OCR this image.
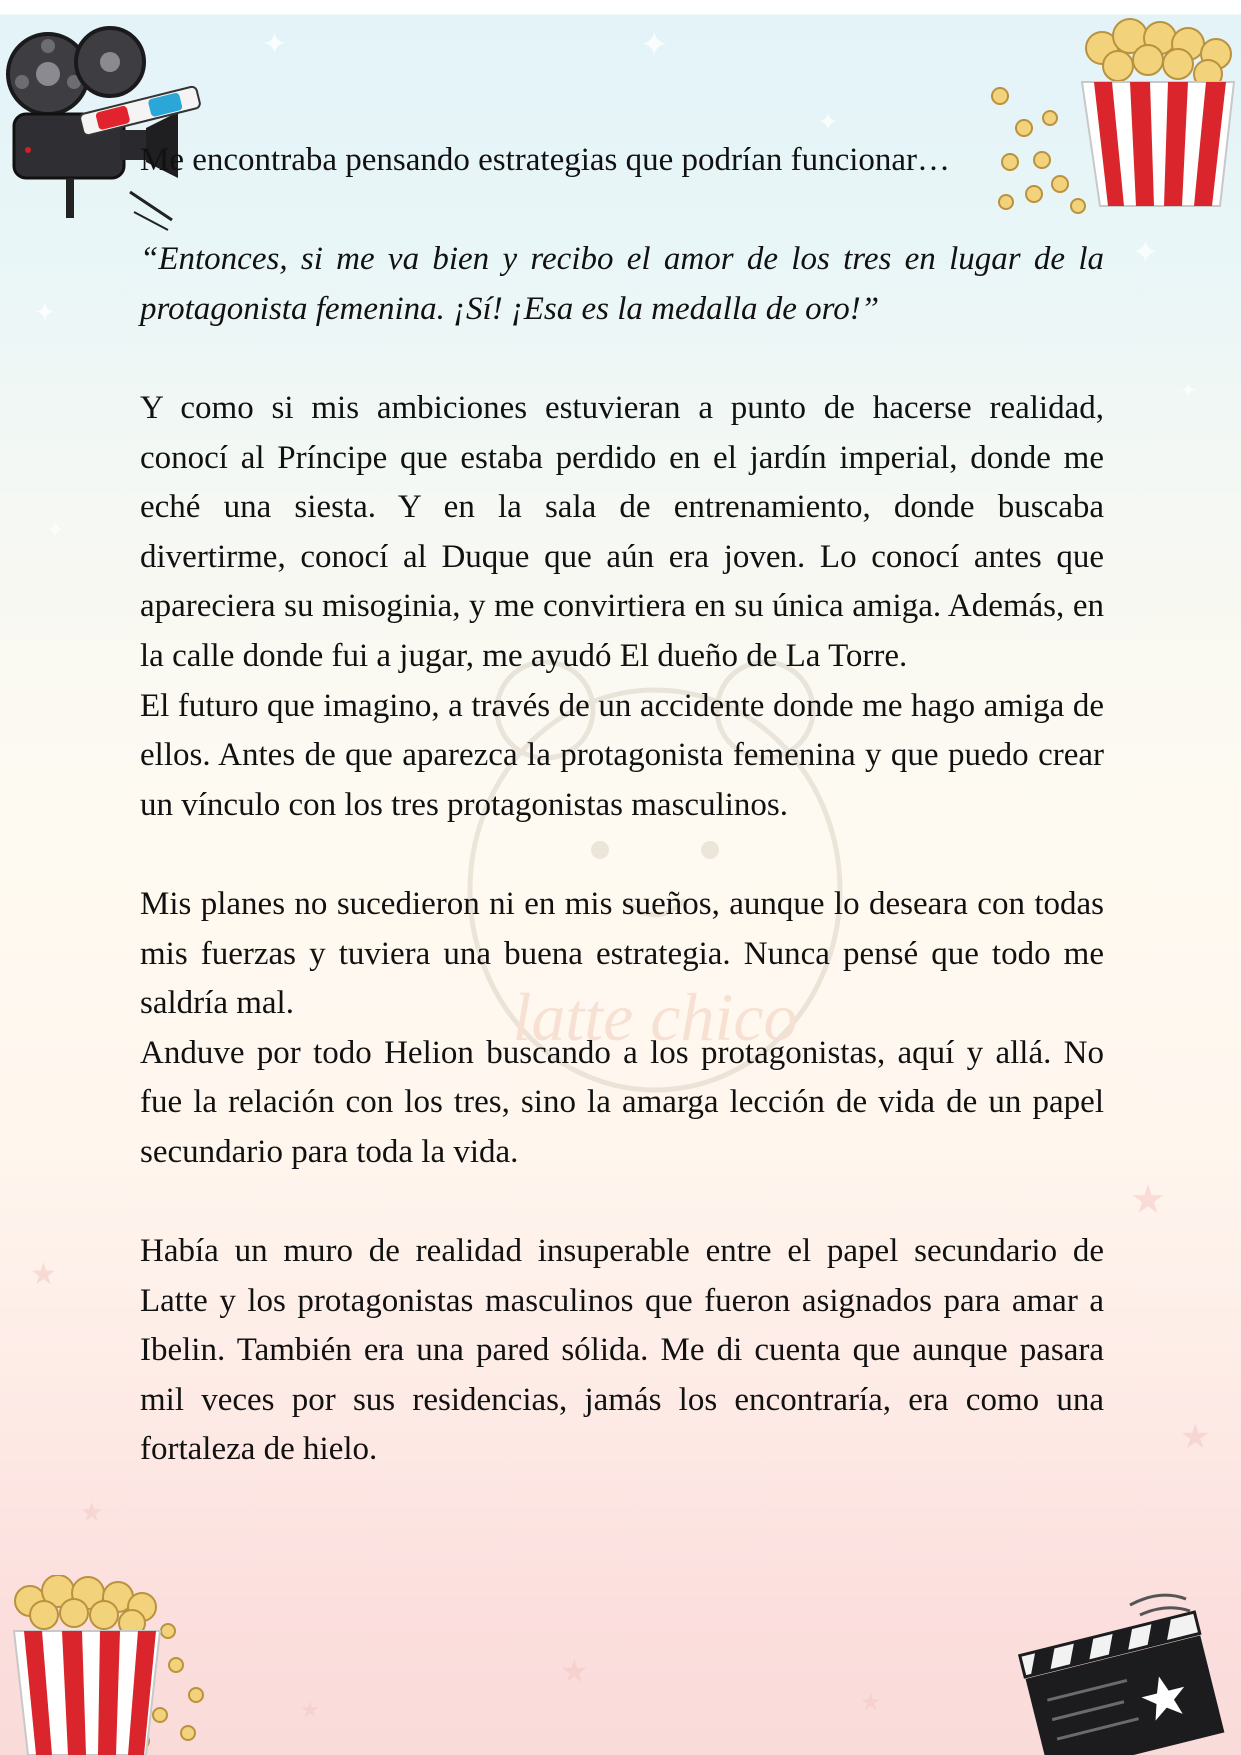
✦	✦
✦
✦
✦
✦
✦
★
★
★
★
★
★
★
latte chico

Me encontraba pensando estrategias que podrían funcionar…

“Entonces, si me va bien y recibo el amor de los tres en lugar de la protagonista femenina. ¡Sí! ¡Esa es la medalla de oro!”

Y como si mis ambiciones estuvieran a punto de hacerse realidad, conocí al Príncipe que estaba perdido en el jardín imperial, donde me eché una siesta. Y en la sala de entrenamiento, donde buscaba divertirme, conocí al Duque que aún era joven. Lo conocí antes que apareciera su misoginia, y me convirtiera en su única amiga. Además, en la calle donde fui a jugar, me ayudó El dueño de La Torre.

El futuro que imagino, a través de un accidente donde me hago amiga de ellos. Antes de que aparezca la protagonista femenina y que puedo crear un vínculo con los tres protagonistas masculinos.

Mis planes no sucedieron ni en mis sueños, aunque lo deseara con todas mis fuerzas y tuviera una buena estrategia. Nunca pensé que todo me saldría mal.

Anduve por todo Helion buscando a los protagonistas, aquí y allá. No fue la relación con los tres, sino la amarga lección de vida de un papel secundario para toda la vida.

Había un muro de realidad insuperable entre el papel secundario de Latte y los protagonistas masculinos que fueron asignados para amar a Ibelin. También era una pared sólida. Me di cuenta que aunque pasara mil veces por sus residencias, jamás los encontraría, era como una fortaleza de hielo.
